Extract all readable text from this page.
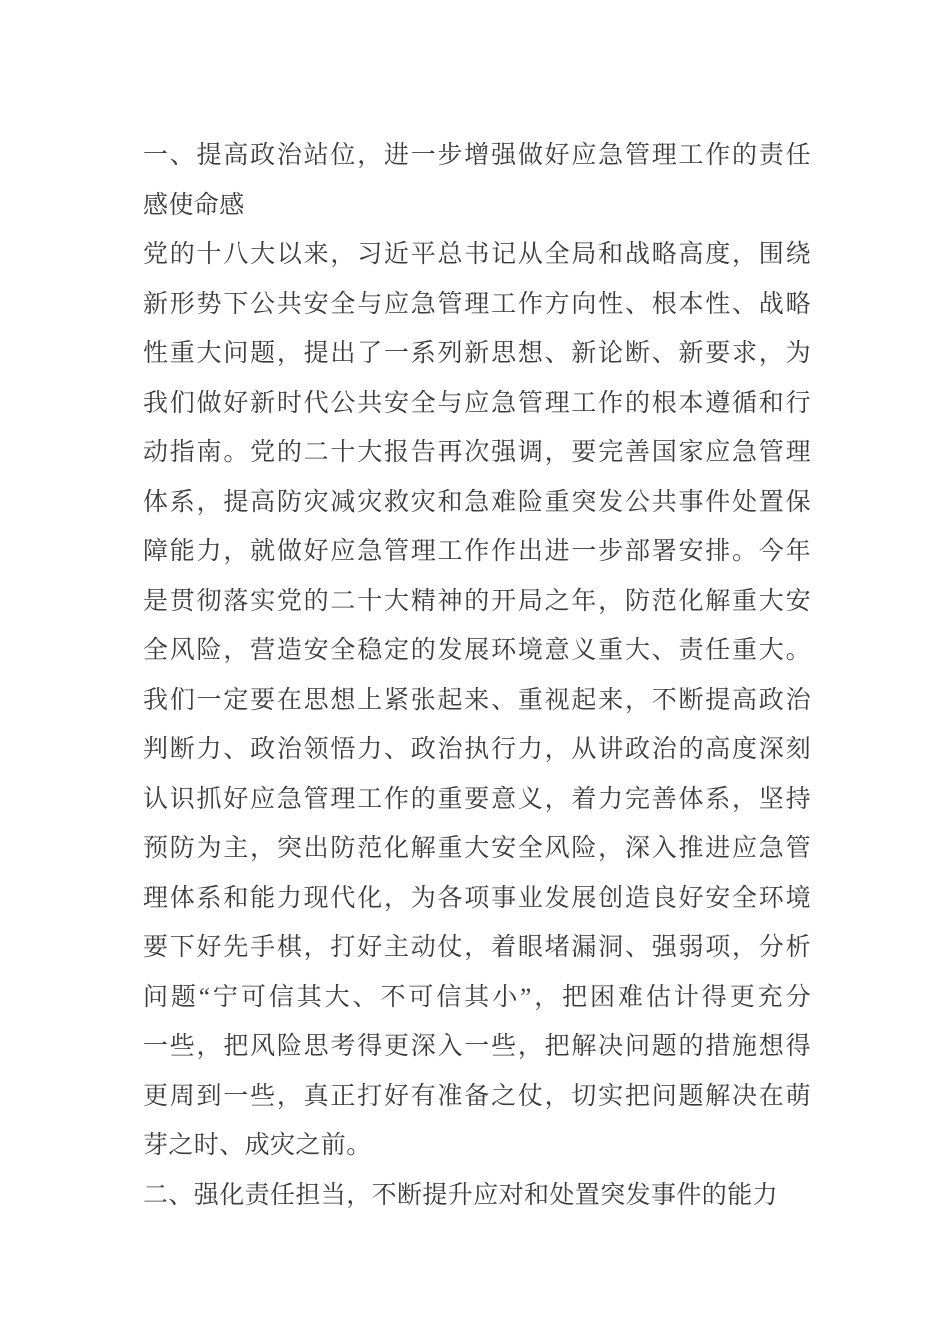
一、提高政治站位，进一步增强做好应急管理工作的责任
感使命感
党的十八大以来，习近平总书记从全局和战略高度，围绕
新形势下公共安全与应急管理工作方向性、根本性、战略
性重大问题，提出了一系列新思想、新论断、新要求，为
我们做好新时代公共安全与应急管理工作的根本遵循和行
动指南。党的二十大报告再次强调，要完善国家应急管理
体系，提高防灾减灾救灾和急难险重突发公共事件处置保
障能力，就做好应急管理工作作出进一步部署安排。今年
是贯彻落实党的二十大精神的开局之年，防范化解重大安
全风险，营造安全稳定的发展环境意义重大、责任重大。
我们一定要在思想上紧张起来、重视起来，不断提高政治
判断力、政治领悟力、政治执行力，从讲政治的高度深刻
认识抓好应急管理工作的重要意义，着力完善体系，坚持
预防为主，突出防范化解重大安全风险，深入推进应急管
理体系和能力现代化，为各项事业发展创造良好安全环境
要下好先手棋，打好主动仗，着眼堵漏洞、强弱项，分析
问题“宁可信其大、不可信其小”，把困难估计得更充分
一些，把风险思考得更深入一些，把解决问题的措施想得
更周到一些，真正打好有准备之仗，切实把问题解决在萌
芽之时、成灾之前。
二、强化责任担当，不断提升应对和处置突发事件的能力
